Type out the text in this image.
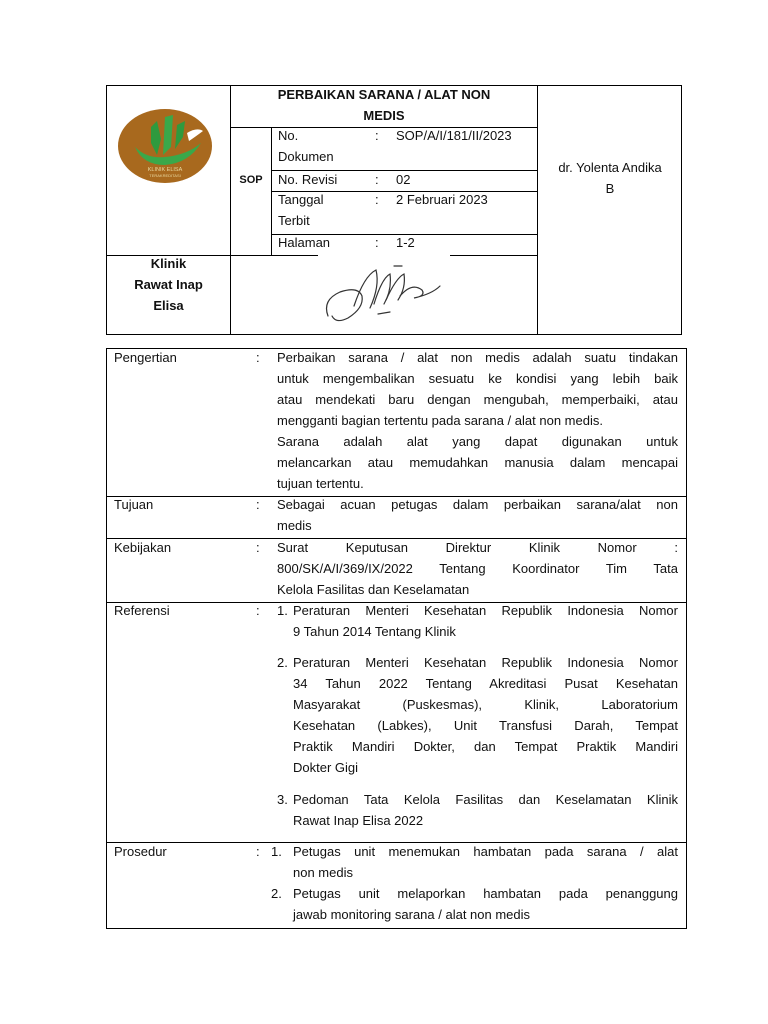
KLINIK ELISA
TERAKREDITASI
Klinik
Rawat Inap
Elisa
PERBAIKAN SARANA / ALAT NON
MEDIS
SOP
No.
Dokumen
: SOP/A/I/181/II/2023
No. Revisi	: 02
Tanggal
Terbit
: 2 Februari 2023
Halaman	: 1-2
dr. Yolenta Andika
B
Pengertian	: Perbaikan sarana / alat non medis adalah suatu tindakan
untuk mengembalikan sesuatu ke kondisi yang lebih baik
atau mendekati baru dengan mengubah, memperbaiki, atau
mengganti bagian tertentu pada sarana / alat non medis.
Sarana adalah alat yang dapat digunakan untuk
melancarkan atau memudahkan manusia dalam mencapai
tujuan tertentu.
Tujuan	: Sebagai acuan petugas dalam perbaikan sarana/alat non
medis
Kebijakan	: Surat Keputusan Direktur Klinik Nomor :
800/SK/A/I/369/IX/2022 Tentang Koordinator Tim Tata
Kelola Fasilitas dan Keselamatan
Referensi	: 1. Peraturan Menteri Kesehatan Republik Indonesia Nomor
9 Tahun 2014 Tentang Klinik
2. Peraturan Menteri Kesehatan Republik Indonesia Nomor
34 Tahun 2022 Tentang Akreditasi Pusat Kesehatan
Masyarakat (Puskesmas), Klinik, Laboratorium
Kesehatan (Labkes), Unit Transfusi Darah, Tempat
Praktik Mandiri Dokter, dan Tempat Praktik Mandiri
Dokter Gigi
3. Pedoman Tata Kelola Fasilitas dan Keselamatan Klinik
Rawat Inap Elisa 2022
Prosedur	: 1. Petugas unit menemukan hambatan pada sarana / alat
non medis
2. Petugas unit melaporkan hambatan pada penanggung
jawab monitoring sarana / alat non medis
